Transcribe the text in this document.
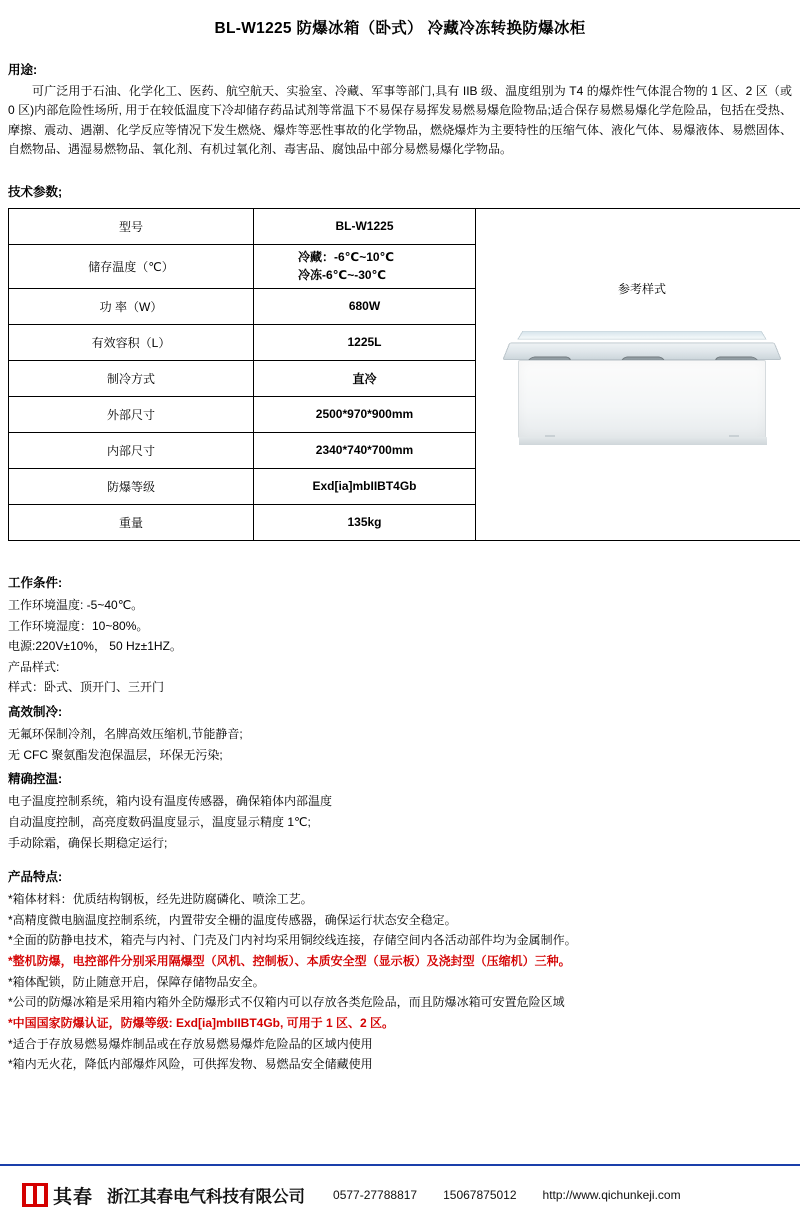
BL-W1225 防爆冰箱（卧式） 冷藏冷冻转换防爆冰柜
用途:
可广泛用于石油、化学化工、医药、航空航天、实验室、冷藏、军事等部门,具有 IIB 级、温度组别为 T4 的爆炸性气体混合物的 1 区、2 区（或 0 区)内部危险性场所, 用于在较低温度下冷却储存药品试剂等常温下不易保存易挥发易燃易爆危险物品;适合保存易燃易爆化学危险品，包括在受热、摩擦、震动、遇潮、化学反应等情况下发生燃烧、爆炸等恶性事故的化学物品，燃烧爆炸为主要特性的压缩气体、液化气体、易爆液体、易燃固体、自燃物品、遇湿易燃物品、氧化剂、有机过氧化剂、毒害品、腐蚀品中部分易燃易爆化学物品。
技术参数;
型号	BL-W1225	参考样式

储存温度（℃）	冷藏：-6℃~10℃
冷冻-6℃~-30℃	

功 率（W）	680W	
有效容积（L）	1225L	
制冷方式	直冷	
外部尺寸	2500*970*900mm	
内部尺寸	2340*740*700mm	
防爆等级	Exd[ia]mbIIBT4Gb	
重量	135kg	
工作条件:
工作环境温度: -5~40℃。
工作环境湿度：10~80%。
电源:220V±10%， 50 Hz±1HZ。
产品样式:
样式：卧式、顶开门、三开门
高效制冷:
无氟环保制冷剂，名牌高效压缩机,节能静音;
无 CFC 聚氨酯发泡保温层，环保无污染;
精确控温:
电子温度控制系统，箱内设有温度传感器，确保箱体内部温度
自动温度控制，高亮度数码温度显示，温度显示精度 1℃;
手动除霜，确保长期稳定运行;
产品特点:
*箱体材料：优质结构钢板，经先进防腐磷化、喷涂工艺。
*高精度微电脑温度控制系统，内置带安全栅的温度传感器，确保运行状态安全稳定。
*全面的防静电技术，箱壳与内衬、门壳及门内衬均采用铜绞线连接，存储空间内各活动部件均为金属制作。
*整机防爆，电控部件分别采用隔爆型（风机、控制板）、本质安全型（显示板）及浇封型（压缩机）三种。
*箱体配锁，防止随意开启，保障存储物品安全。
*公司的防爆冰箱是采用箱内箱外全防爆形式不仅箱内可以存放各类危险品，而且防爆冰箱可安置危险区域
*中国国家防爆认证，防爆等级: Exd[ia]mbIIBT4Gb, 可用于 1 区、2 区。
*适合于存放易燃易爆炸制品或在存放易燃易爆炸危险品的区域内使用
*箱内无火花，降低内部爆炸风险，可供挥发物、易燃品安全储藏使用
其春 浙江其春电气科技有限公司 0577-27788817 15067875012 http://www.qichunkeji.com
